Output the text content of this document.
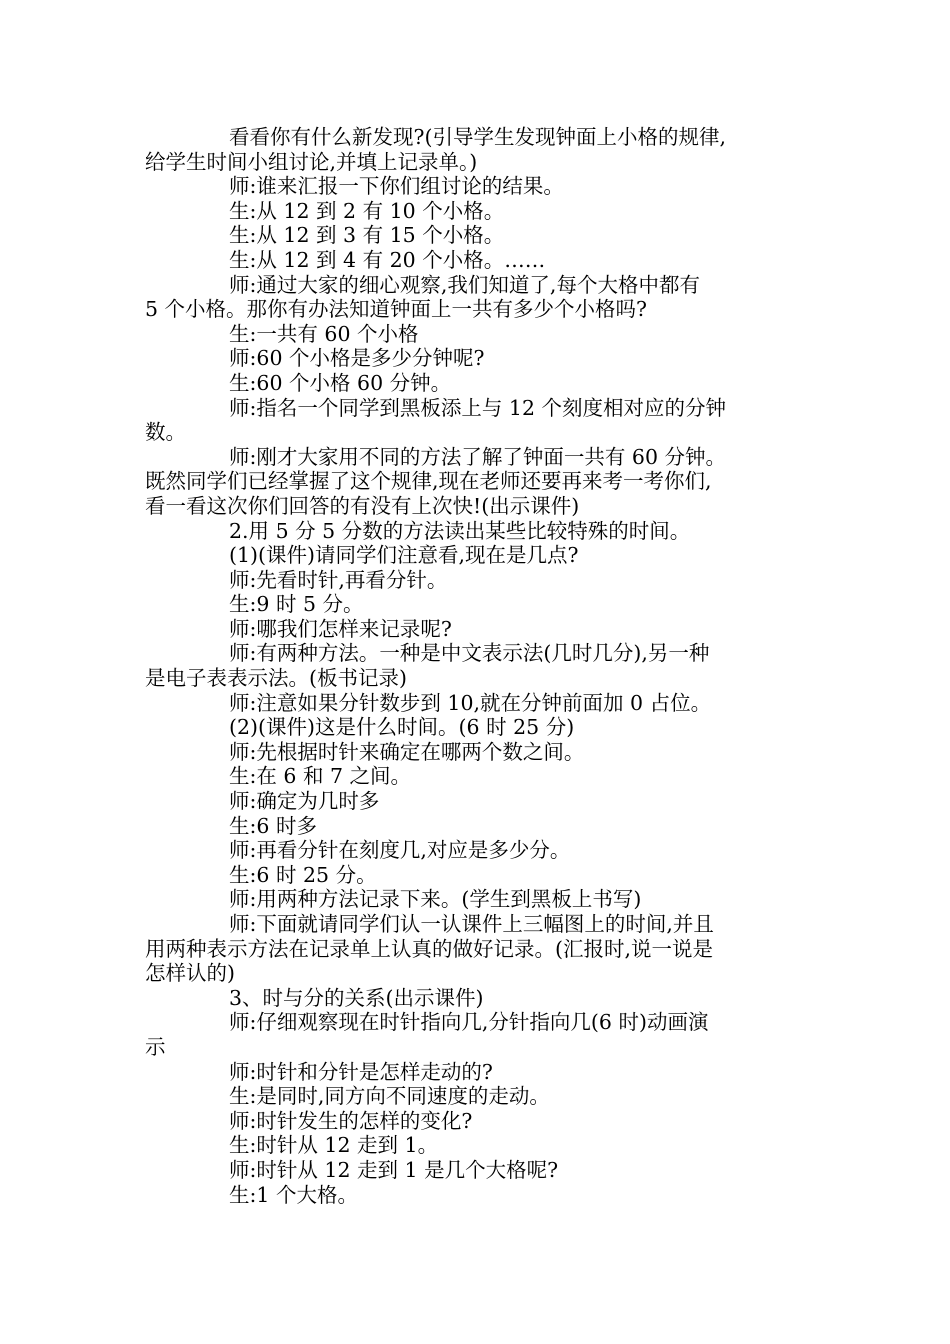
看看你有什么新发现?(引导学生发现钟面上小格的规律,

给学生时间小组讨论,并填上记录单。)

师:谁来汇报一下你们组讨论的结果。

生:从 12 到 2 有 10 个小格。

生:从 12 到 3 有 15 个小格。

生:从 12 到 4 有 20 个小格。……

师:通过大家的细心观察,我们知道了,每个大格中都有

5 个小格。那你有办法知道钟面上一共有多少个小格吗?

生:一共有 60 个小格

师:60 个小格是多少分钟呢?

生:60 个小格 60 分钟。

师:指名一个同学到黑板添上与 12 个刻度相对应的分钟

数。

师:刚才大家用不同的方法了解了钟面一共有 60 分钟。

既然同学们已经掌握了这个规律,现在老师还要再来考一考你们,

看一看这次你们回答的有没有上次快!(出示课件)

2.用 5 分 5 分数的方法读出某些比较特殊的时间。

(1)(课件)请同学们注意看,现在是几点?

师:先看时针,再看分针。

生:9 时 5 分。

师:哪我们怎样来记录呢?

师:有两种方法。一种是中文表示法(几时几分),另一种

是电子表表示法。(板书记录)

师:注意如果分针数步到 10,就在分钟前面加 0 占位。

(2)(课件)这是什么时间。(6 时 25 分)

师:先根据时针来确定在哪两个数之间。

生:在 6 和 7 之间。

师:确定为几时多

生:6 时多

师:再看分针在刻度几,对应是多少分。

生:6 时 25 分。

师:用两种方法记录下来。(学生到黑板上书写)

师:下面就请同学们认一认课件上三幅图上的时间,并且

用两种表示方法在记录单上认真的做好记录。(汇报时,说一说是

怎样认的)

3、时与分的关系(出示课件)

师:仔细观察现在时针指向几,分针指向几(6 时)动画演

示

师:时针和分针是怎样走动的?

生:是同时,同方向不同速度的走动。

师:时针发生的怎样的变化?

生:时针从 12 走到 1。

师:时针从 12 走到 1 是几个大格呢?

生:1 个大格。
